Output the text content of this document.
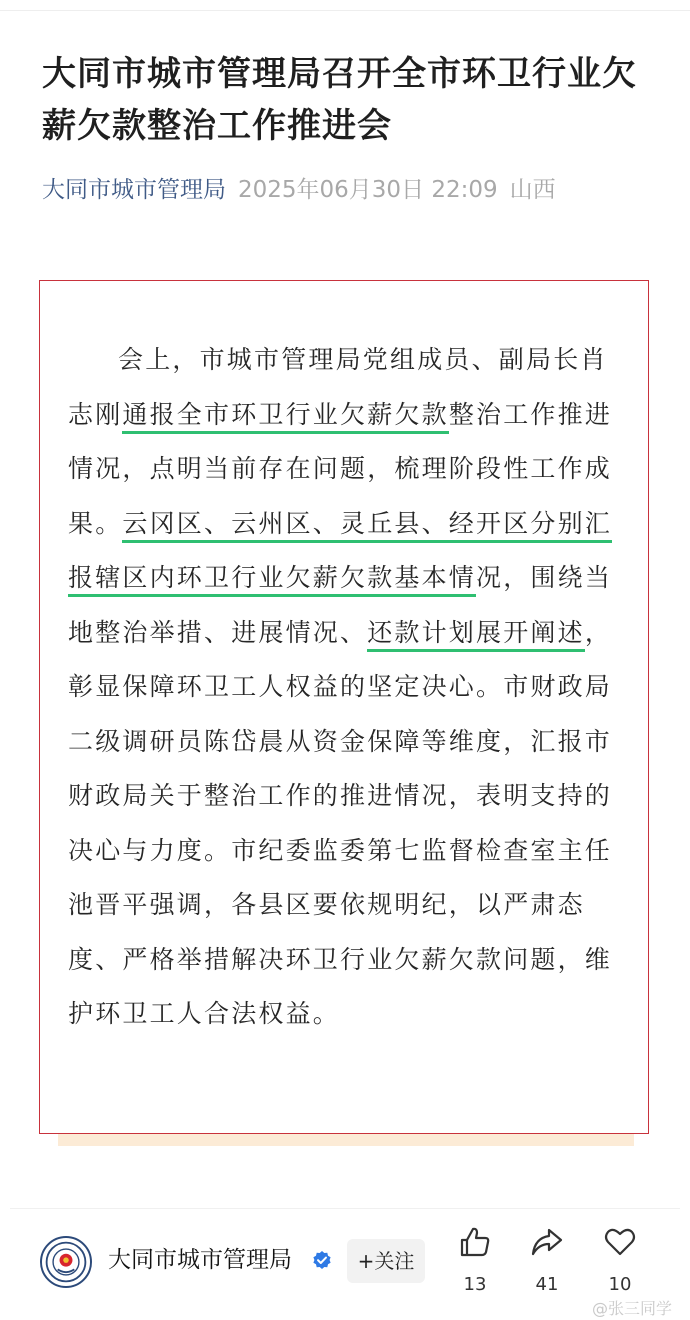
大同市城市管理局召开全市环卫行业欠薪欠款整治工作推进会
大同市城市管理局 2025年06月30日 22:09 山西

会上，市城市管理局党组成员、副局长肖志刚通报全市环卫行业欠薪欠款整治工作推进情况，点明当前存在问题，梳理阶段性工作成果。云冈区、云州区、灵丘县、经开区分别汇报辖区内环卫行业欠薪欠款基本情况，围绕当地整治举措、进展情况、还款计划展开阐述，彰显保障环卫工人权益的坚定决心。市财政局二级调研员陈岱晨从资金保障等维度，汇报市财政局关于整治工作的推进情况，表明支持的决心与力度。市纪委监委第七监督检查室主任池晋平强调，各县区要依规明纪，以严肃态度、严格举措解决环卫行业欠薪欠款问题，维护环卫工人合法权益。

大同市城市管理局	+关注
13	41	10
@张三同学
